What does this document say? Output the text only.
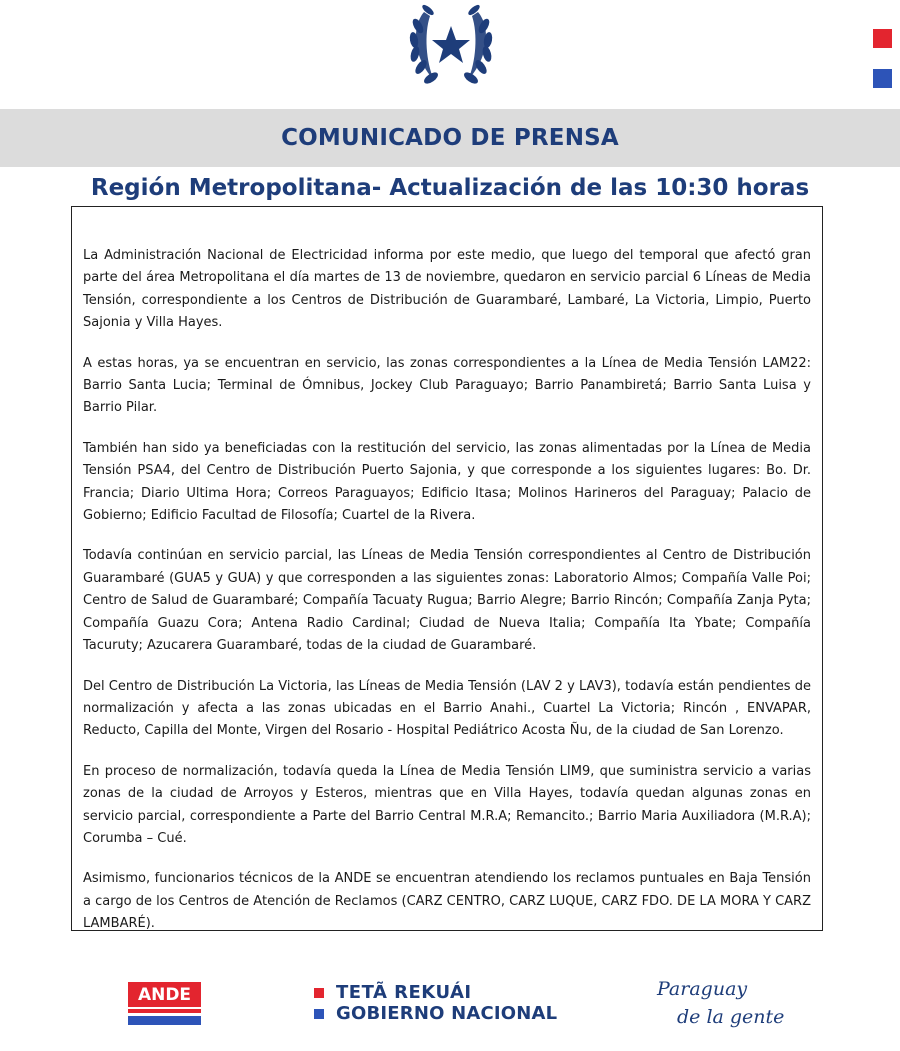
COMUNICADO DE PRENSA
Región Metropolitana- Actualización de las 10:30 horas

La Administración Nacional de Electricidad informa por este medio, que luego del temporal que afectó gran parte del área Metropolitana el día martes de 13 de noviembre, quedaron en servicio parcial 6 Líneas de Media Tensión, correspondiente a los Centros de Distribución de Guarambaré, Lambaré, La Victoria, Limpio, Puerto Sajonia y Villa Hayes.

A estas horas, ya se encuentran en servicio, las zonas correspondientes a la Línea de Media Tensión LAM22: Barrio Santa Lucia; Terminal de Ómnibus, Jockey Club Paraguayo; Barrio Panambiretá; Barrio Santa Luisa y Barrio Pilar.

También han sido ya beneficiadas con la restitución del servicio, las zonas alimentadas por la Línea de Media Tensión PSA4, del Centro de Distribución Puerto Sajonia, y que corresponde a los siguientes lugares: Bo. Dr. Francia; Diario Ultima Hora; Correos Paraguayos; Edificio Itasa; Molinos Harineros del Paraguay; Palacio de Gobierno; Edificio Facultad de Filosofía; Cuartel de la Rivera.

Todavía continúan en servicio parcial, las Líneas de Media Tensión correspondientes al Centro de Distribución Guarambaré (GUA5 y GUA) y que corresponden a las siguientes zonas: Laboratorio Almos; Compañía Valle Poi; Centro de Salud de Guarambaré; Compañía Tacuaty Rugua; Barrio Alegre; Barrio Rincón; Compañía Zanja Pyta; Compañía Guazu Cora; Antena Radio Cardinal; Ciudad de Nueva Italia; Compañía Ita Ybate; Compañía Tacuruty; Azucarera Guarambaré, todas de la ciudad de Guarambaré.

Del Centro de Distribución La Victoria, las Líneas de Media Tensión (LAV 2 y LAV3), todavía están pendientes de normalización y afecta a las zonas ubicadas en el Barrio Anahi., Cuartel La Victoria; Rincón , ENVAPAR, Reducto, Capilla del Monte, Virgen del Rosario - Hospital Pediátrico Acosta Ñu, de la ciudad de San Lorenzo.

En proceso de normalización, todavía queda la Línea de Media Tensión LIM9, que suministra servicio a varias zonas de la ciudad de Arroyos y Esteros, mientras que en Villa Hayes, todavía quedan algunas zonas en servicio parcial, correspondiente a Parte del Barrio Central M.R.A; Remancito.; Barrio Maria Auxiliadora (M.R.A); Corumba – Cué.

Asimismo, funcionarios técnicos de la ANDE se encuentran atendiendo los reclamos puntuales en Baja Tensión a cargo de los Centros de Atención de Reclamos (CARZ CENTRO, CARZ LUQUE, CARZ FDO. DE LA MORA Y CARZ LAMBARÉ).

ANDE	TETÃ REKUÁI
GOBIERNO NACIONAL
Paraguay
de la gente
